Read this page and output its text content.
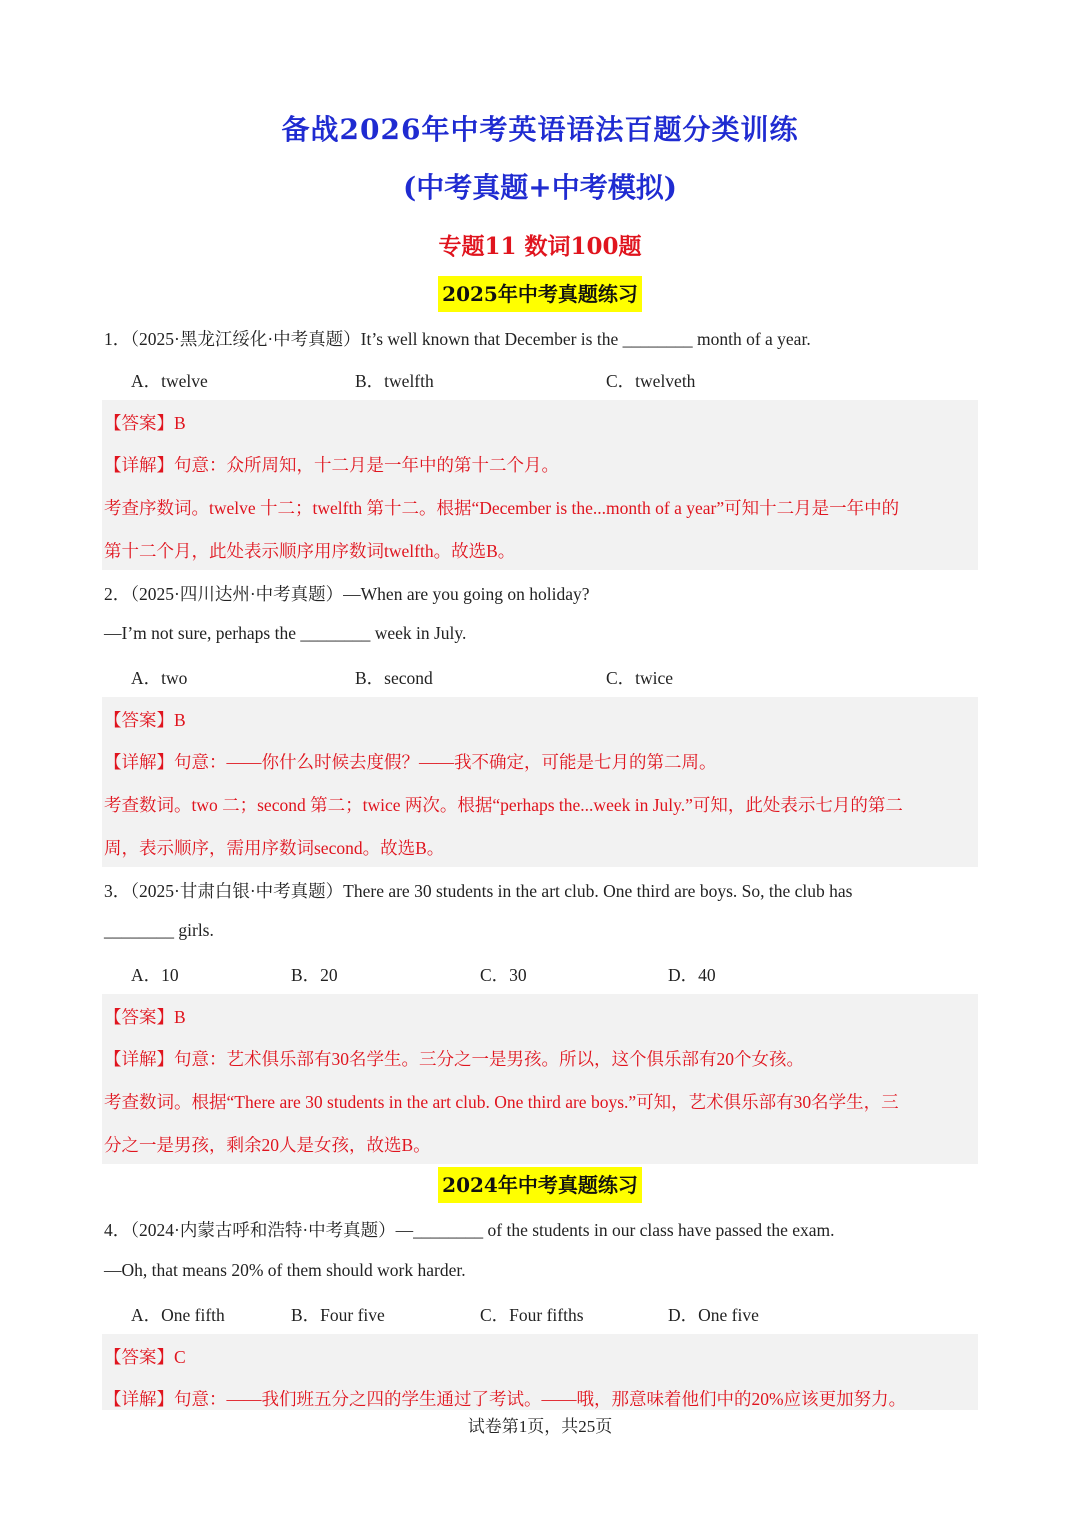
备战2026年中考英语语法百题分类训练
(中考真题+中考模拟)
专题11 数词100题
2025年中考真题练习
1．（2025·黑龙江绥化·中考真题）It’s well known that December is the ________ month of a year.
A．twelve	B．twelfth	C．twelveth
【答案】B
【详解】句意：众所周知，十二月是一年中的第十二个月。
考查序数词。twelve 十二；twelfth 第十二。根据“December is the...month of a year”可知十二月是一年中的
第十二个月，此处表示顺序用序数词twelfth。故选B。
2．（2025·四川达州·中考真题）—When are you going on holiday?
—I’m not sure, perhaps the ________ week in July.
A．two	B．second	C．twice
【答案】B
【详解】句意：——你什么时候去度假？——我不确定，可能是七月的第二周。
考查数词。two 二；second 第二；twice 两次。根据“perhaps the...week in July.”可知，此处表示七月的第二
周，表示顺序，需用序数词second。故选B。
3．（2025·甘肃白银·中考真题）There are 30 students in the art club. One third are boys. So, the club has
________ girls.
A．10	B．20	C．30	D．40
【答案】B
【详解】句意：艺术俱乐部有30名学生。三分之一是男孩。所以，这个俱乐部有20个女孩。
考查数词。根据“There are 30 students in the art club. One third are boys.”可知，艺术俱乐部有30名学生，三
分之一是男孩，剩余20人是女孩，故选B。
2024年中考真题练习
4．（2024·内蒙古呼和浩特·中考真题）—________ of the students in our class have passed the exam.
—Oh, that means 20% of them should work harder.
A．One fifth	B．Four five	C．Four fifths	D．One five
【答案】C
【详解】句意：——我们班五分之四的学生通过了考试。——哦，那意味着他们中的20%应该更加努力。
试卷第1页，共25页
